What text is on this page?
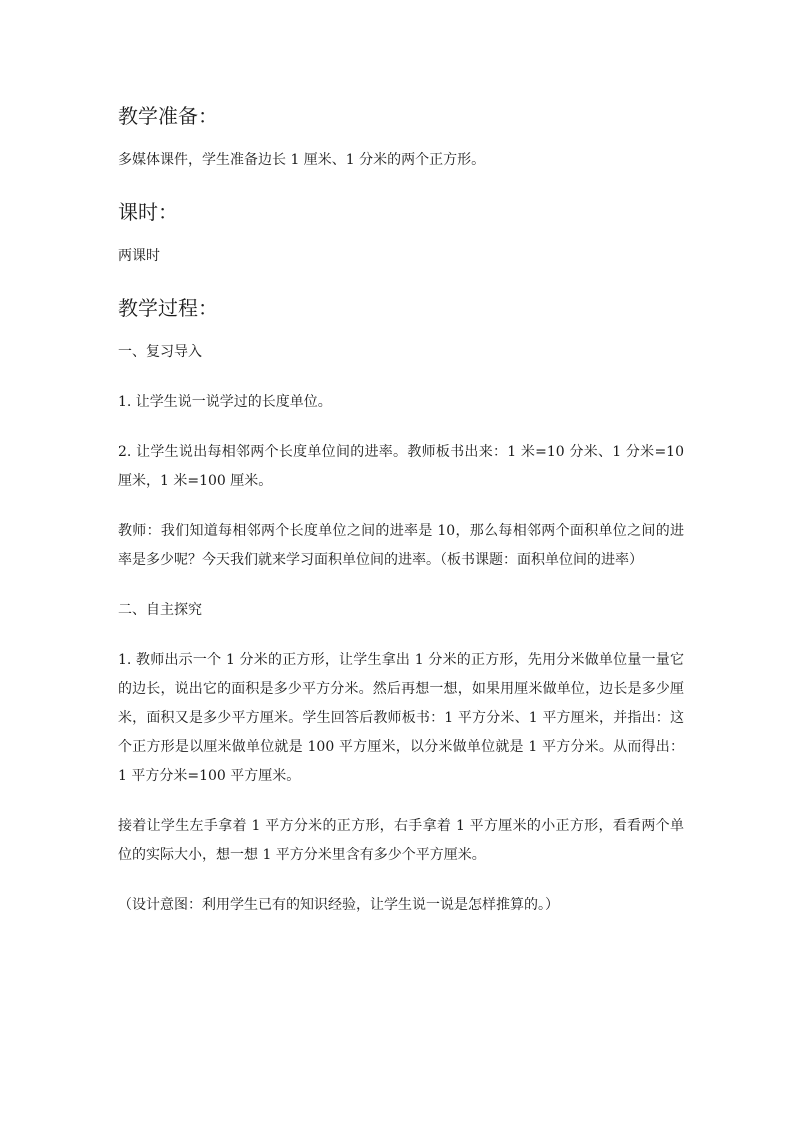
教学准备：

多媒体课件，学生准备边长 1 厘米、1 分米的两个正方形。

课时：

两课时

教学过程：

一、复习导入

1. 让学生说一说学过的长度单位。

2. 让学生说出每相邻两个长度单位间的进率。教师板书出来：1 米=10 分米、1 分米=10 厘米，1 米=100 厘米。

教师：我们知道每相邻两个长度单位之间的进率是 10，那么每相邻两个面积单位之间的进率是多少呢？今天我们就来学习面积单位间的进率。（板书课题：面积单位间的进率）

二、自主探究

1. 教师出示一个 1 分米的正方形，让学生拿出 1 分米的正方形，先用分米做单位量一量它的边长，说出它的面积是多少平方分米。然后再想一想，如果用厘米做单位，边长是多少厘米，面积又是多少平方厘米。学生回答后教师板书：1 平方分米、1 平方厘米，并指出：这个正方形是以厘米做单位就是 100 平方厘米，以分米做单位就是 1 平方分米。从而得出：1 平方分米=100 平方厘米。

接着让学生左手拿着 1 平方分米的正方形，右手拿着 1 平方厘米的小正方形，看看两个单位的实际大小，想一想 1 平方分米里含有多少个平方厘米。

（设计意图：利用学生已有的知识经验，让学生说一说是怎样推算的。）
